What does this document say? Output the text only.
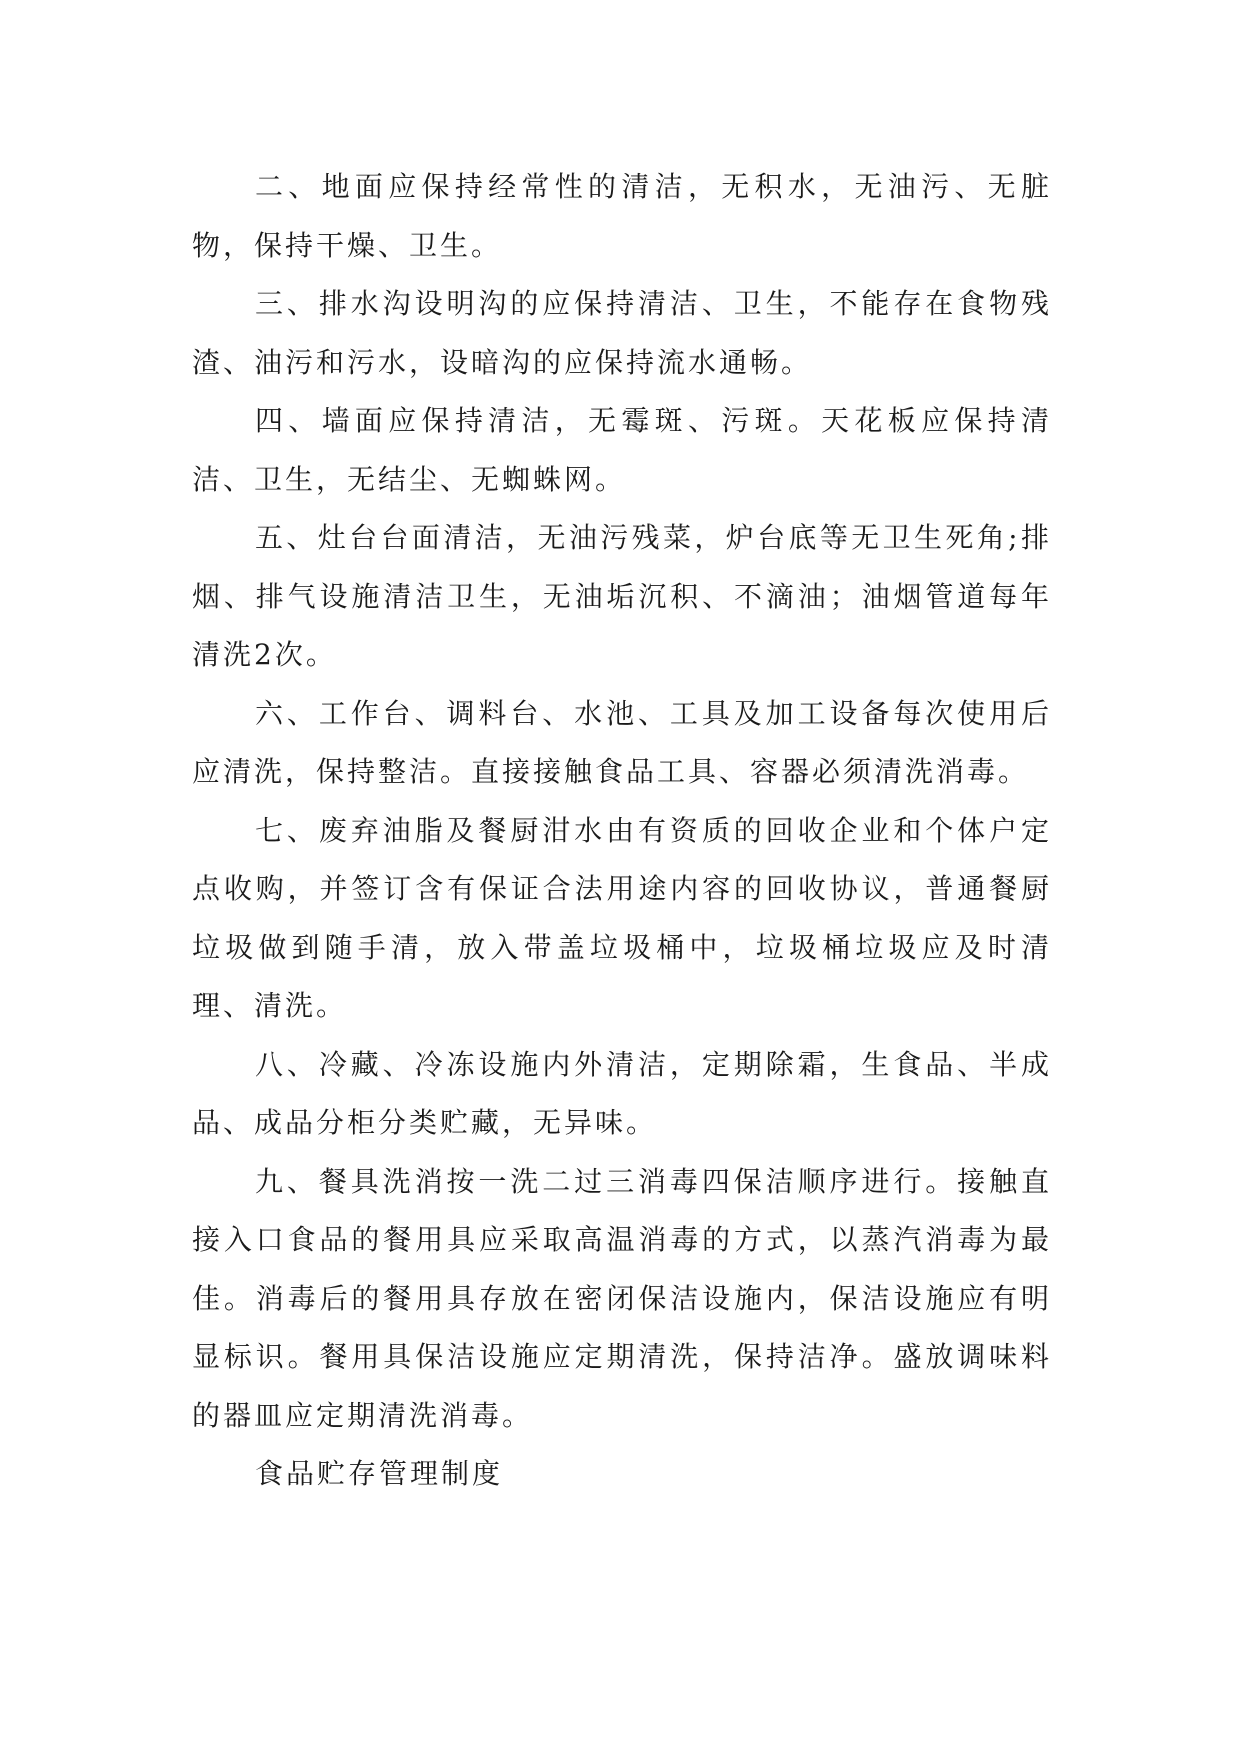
二、地面应保持经常性的清洁，无积水，无油污、无脏物，保持干燥、卫生。

三、排水沟设明沟的应保持清洁、卫生，不能存在食物残渣、油污和污水，设暗沟的应保持流水通畅。

四、墙面应保持清洁，无霉斑、污斑。天花板应保持清洁、卫生，无结尘、无蜘蛛网。

五、灶台台面清洁，无油污残菜，炉台底等无卫生死角;排烟、排气设施清洁卫生，无油垢沉积、不滴油；油烟管道每年清洗2次。

六、工作台、调料台、水池、工具及加工设备每次使用后应清洗，保持整洁。直接接触食品工具、容器必须清洗消毒。

七、废弃油脂及餐厨泔水由有资质的回收企业和个体户定点收购，并签订含有保证合法用途内容的回收协议，普通餐厨垃圾做到随手清，放入带盖垃圾桶中，垃圾桶垃圾应及时清理、清洗。

八、冷藏、冷冻设施内外清洁，定期除霜，生食品、半成品、成品分柜分类贮藏，无异味。

九、餐具洗消按一洗二过三消毒四保洁顺序进行。接触直接入口食品的餐用具应采取高温消毒的方式，以蒸汽消毒为最佳。消毒后的餐用具存放在密闭保洁设施内，保洁设施应有明显标识。餐用具保洁设施应定期清洗，保持洁净。盛放调味料的器皿应定期清洗消毒。

食品贮存管理制度
